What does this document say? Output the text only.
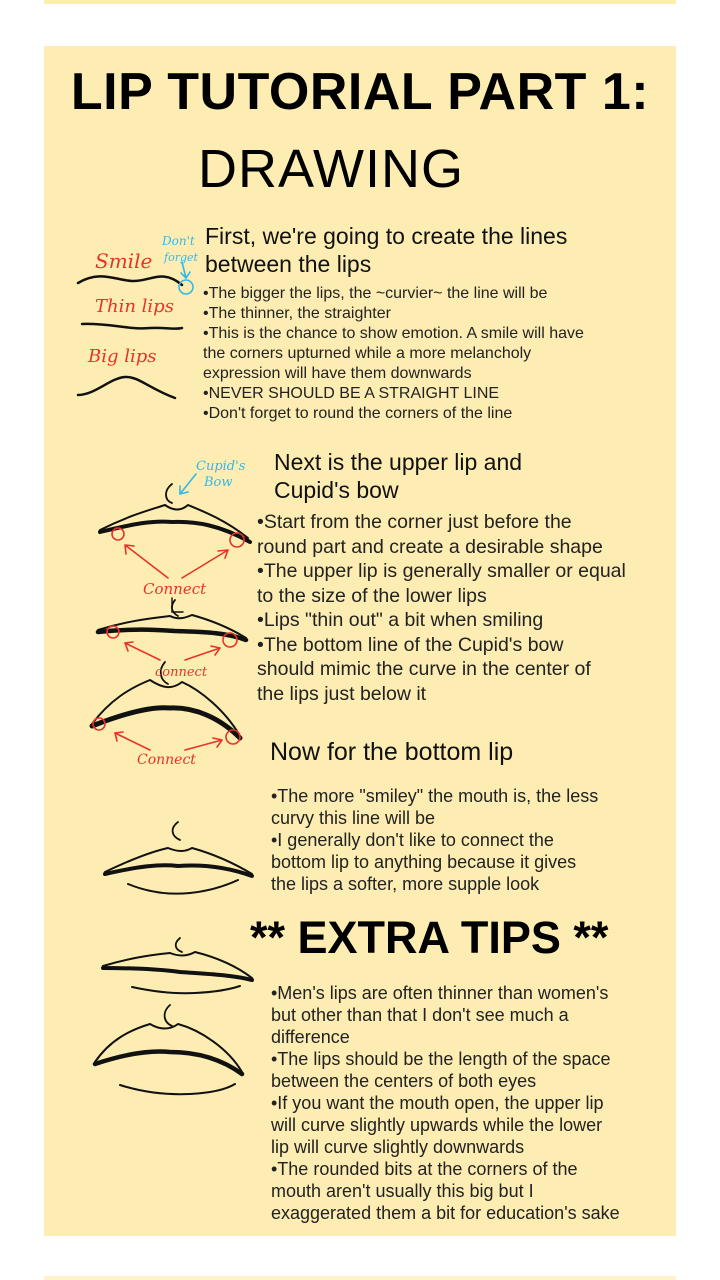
LIP TUTORIAL PART 1:
DRAWING
First, we're going to create the lines
between the lips
•The bigger the lips, the ~curvier~ the line will be
•The thinner, the straighter
•This is the chance to show emotion. A smile will have
the corners upturned while a more melancholy
expression will have them downwards
•NEVER SHOULD BE A STRAIGHT LINE
•Don't forget to round the corners of the line
Next is the upper lip and
Cupid's bow
•Start from the corner just before the
round part and create a desirable shape
•The upper lip is generally smaller or equal
to the size of the lower lips
•Lips "thin out" a bit when smiling
•The bottom line of the Cupid's bow
should mimic the curve in the center of
the lips just below it
Now for the bottom lip
•The more "smiley" the mouth is, the less
curvy this line will be
•I generally don't like to connect the
bottom lip to anything because it gives
the lips a softer, more supple look
** EXTRA TIPS **
•Men's lips are often thinner than women's
but other than that I don't see much a
difference
•The lips should be the length of the space
between the centers of both eyes
•If you want the mouth open, the upper lip
will curve slightly upwards while the lower
lip will curve slightly downwards
•The rounded bits at the corners of the
mouth aren't usually this big but I
exaggerated them a bit for education's sake
Smile
Thin lips
Big lips
Don't
forget
Cupid's
Bow
Connect
connect
Connect
